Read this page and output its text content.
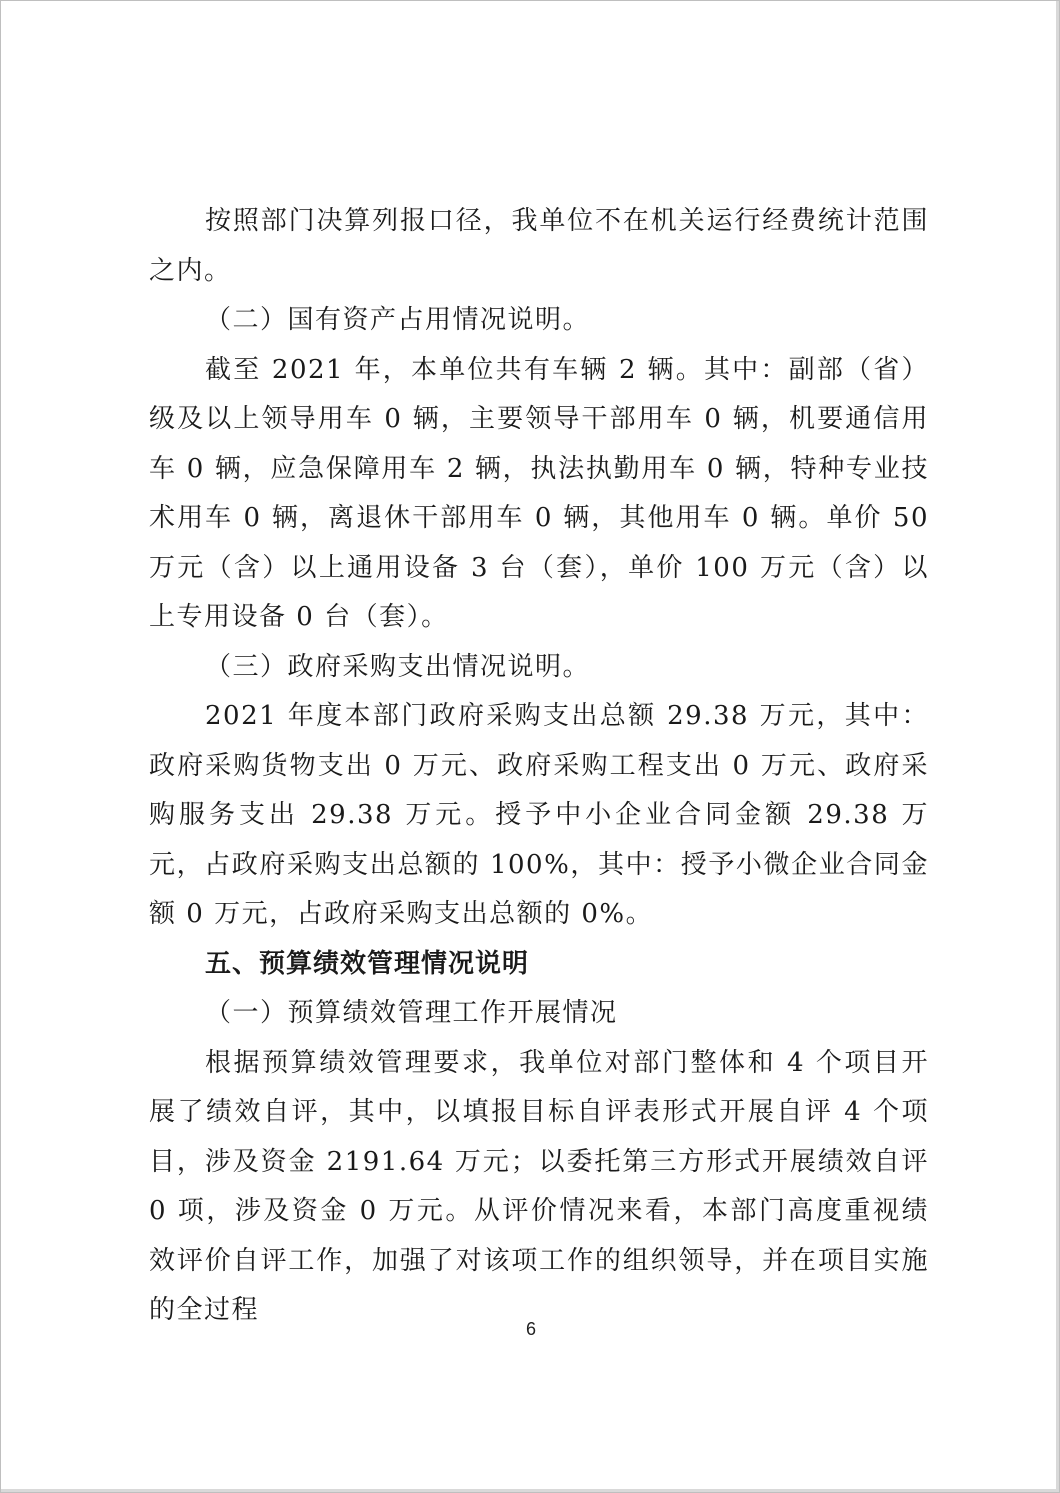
按照部门决算列报口径，我单位不在机关运行经费统计范围之内。

（二）国有资产占用情况说明。

截至 2021 年，本单位共有车辆 2 辆。其中：副部（省）级及以上领导用车 0 辆，主要领导干部用车 0 辆，机要通信用车 0 辆，应急保障用车 2 辆，执法执勤用车 0 辆，特种专业技术用车 0 辆，离退休干部用车 0 辆，其他用车 0 辆。单价 50 万元（含）以上通用设备 3 台（套），单价 100 万元（含）以上专用设备 0 台（套）。

（三）政府采购支出情况说明。

2021 年度本部门政府采购支出总额 29.38 万元，其中：政府采购货物支出 0 万元、政府采购工程支出 0 万元、政府采购服务支出 29.38 万元。授予中小企业合同金额 29.38 万元，占政府采购支出总额的 100%，其中：授予小微企业合同金额 0 万元，占政府采购支出总额的 0%。

五、预算绩效管理情况说明

（一）预算绩效管理工作开展情况

根据预算绩效管理要求，我单位对部门整体和 4 个项目开展了绩效自评，其中，以填报目标自评表形式开展自评 4 个项目，涉及资金 2191.64 万元；以委托第三方形式开展绩效自评 0 项，涉及资金 0 万元。从评价情况来看，本部门高度重视绩效评价自评工作，加强了对该项工作的组织领导，并在项目实施的全过程

6
